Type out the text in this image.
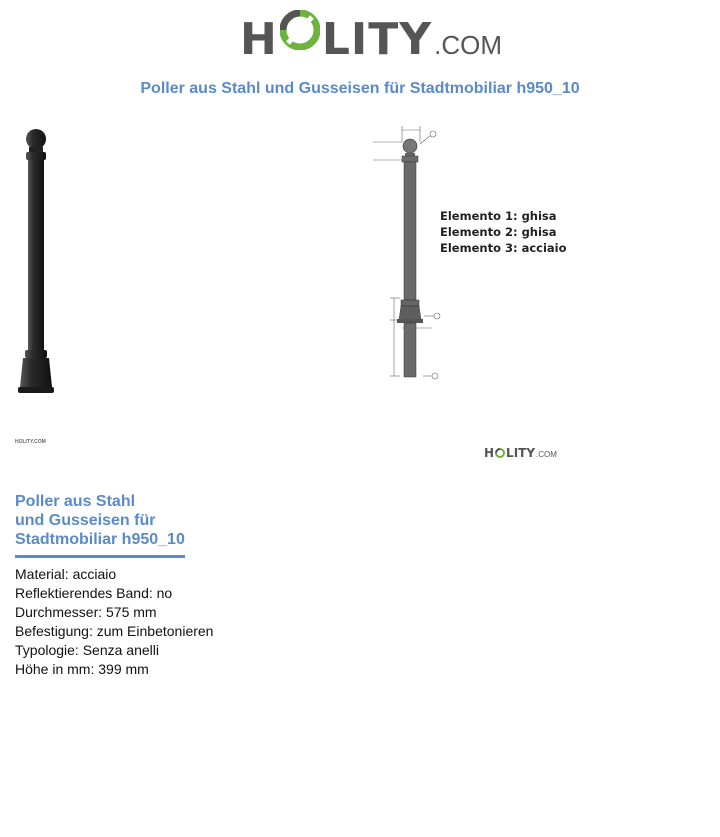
H LITY .COM
Poller aus Stahl und Gusseisen für Stadtmobiliar h950_10
Elemento 1: ghisa
Elemento 2: ghisa
Elemento 3: acciaio
HOLITY.COM
H LITY .COM
Poller aus Stahl
und Gusseisen für
Stadtmobiliar h950_10
Material: acciaio
Reflektierendes Band: no
Durchmesser: 575 mm
Befestigung: zum Einbetonieren
Typologie: Senza anelli
Höhe in mm: 399 mm
